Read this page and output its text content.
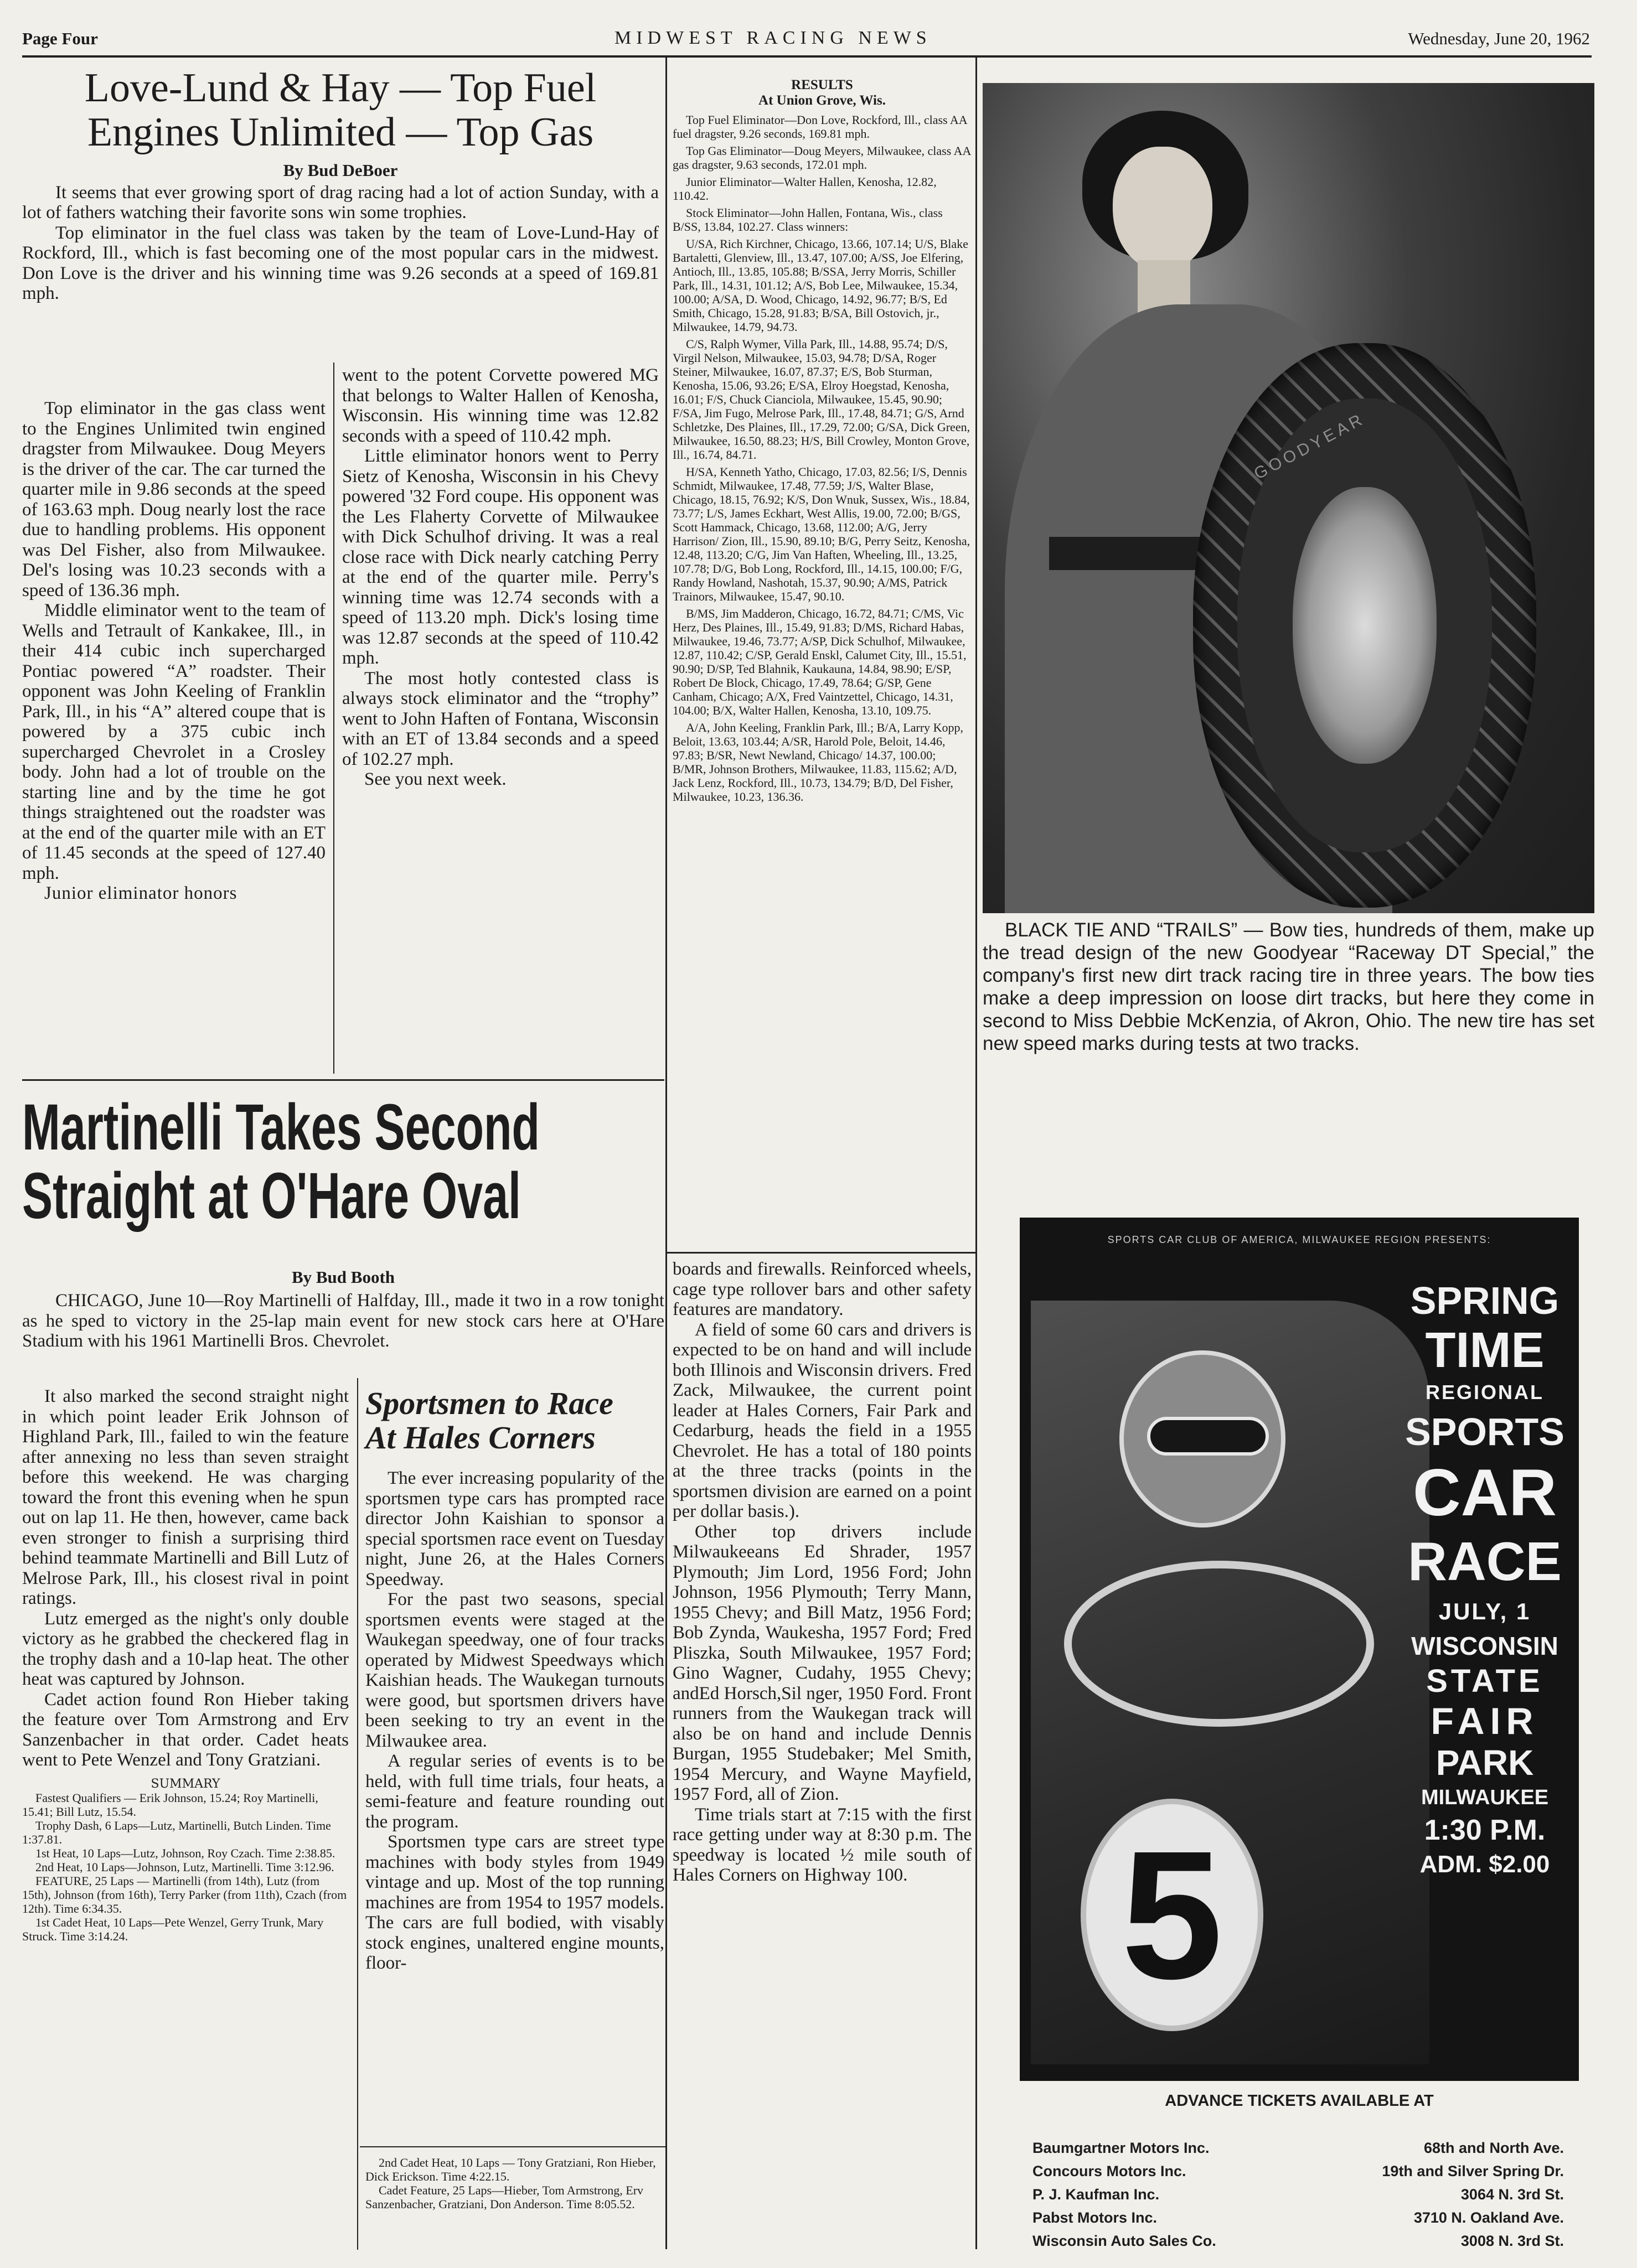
Page Four	MIDWEST RACING NEWS	Wednesday, June 20, 1962
Love-Lund & Hay — Top Fuel
Engines Unlimited — Top Gas
By Bud DeBoer

It seems that ever growing sport of drag racing had a lot of action Sunday, with a lot of fathers watching their favorite sons win some trophies.

Top eliminator in the fuel class was taken by the team of Love-Lund-Hay of Rockford, Ill., which is fast becoming one of the most popular cars in the midwest. Don Love is the driver and his winning time was 9.26 seconds at a speed of 169.81 mph.

Top eliminator in the gas class went to the Engines Unlimited twin engined dragster from Milwaukee. Doug Meyers is the driver of the car. The car turned the quarter mile in 9.86 seconds at the speed of 163.63 mph. Doug nearly lost the race due to handling problems. His opponent was Del Fisher, also from Milwaukee. Del's losing was 10.23 seconds with a speed of 136.36 mph.

Middle eliminator went to the team of Wells and Tetrault of Kankakee, Ill., in their 414 cubic inch supercharged Pontiac powered “A” roadster. Their opponent was John Keeling of Franklin Park, Ill., in his “A” altered coupe that is powered by a 375 cubic inch supercharged Chevrolet in a Crosley body. John had a lot of trouble on the starting line and by the time he got things straightened out the roadster was at the end of the quarter mile with an ET of 11.45 seconds at the speed of 127.40 mph.

Junior eliminator honors

went to the potent Corvette powered MG that belongs to Walter Hallen of Kenosha, Wisconsin. His winning time was 12.82 seconds with a speed of 110.42 mph.

Little eliminator honors went to Perry Sietz of Kenosha, Wisconsin in his Chevy powered '32 Ford coupe. His opponent was the Les Flaherty Corvette of Milwaukee with Dick Schulhof driving. It was a real close race with Dick nearly catching Perry at the end of the quarter mile. Perry's winning time was 12.74 seconds with a speed of 113.20 mph. Dick's losing time was 12.87 seconds at the speed of 110.42 mph.

The most hotly contested class is always stock eliminator and the “trophy” went to John Haften of Fontana, Wisconsin with an ET of 13.84 seconds and a speed of 102.27 mph.

See you next week.

Martinelli Takes Second
Straight at O'Hare Oval
By Bud Booth

CHICAGO, June 10—Roy Martinelli of Halfday, Ill., made it two in a row tonight as he sped to victory in the 25-lap main event for new stock cars here at O'Hare Stadium with his 1961 Martinelli Bros. Chevrolet.

It also marked the second straight night in which point leader Erik Johnson of Highland Park, Ill., failed to win the feature after annexing no less than seven straight before this weekend. He was charging toward the front this evening when he spun out on lap 11. He then, however, came back even stronger to finish a surprising third behind teammate Martinelli and Bill Lutz of Melrose Park, Ill., his closest rival in point ratings.

Lutz emerged as the night's only double victory as he grabbed the checkered flag in the trophy dash and a 10-lap heat. The other heat was captured by Johnson.

Cadet action found Ron Hieber taking the feature over Tom Armstrong and Erv Sanzenbacher in that order. Cadet heats went to Pete Wenzel and Tony Gratziani.

SUMMARY

Fastest Qualifiers — Erik Johnson, 15.24; Roy Martinelli, 15.41; Bill Lutz, 15.54.

Trophy Dash, 6 Laps—Lutz, Martinelli, Butch Linden. Time 1:37.81.

1st Heat, 10 Laps—Lutz, Johnson, Roy Czach. Time 2:38.85.

2nd Heat, 10 Laps—Johnson, Lutz, Martinelli. Time 3:12.96.

FEATURE, 25 Laps — Martinelli (from 14th), Lutz (from 15th), Johnson (from 16th), Terry Parker (from 11th), Czach (from 12th). Time 6:34.35.

1st Cadet Heat, 10 Laps—Pete Wenzel, Gerry Trunk, Mary Struck. Time 3:14.24.

Sportsmen to Race
At Hales Corners

The ever increasing popularity of the sportsmen type cars has prompted race director John Kaishian to sponsor a special sportsmen race event on Tuesday night, June 26, at the Hales Corners Speedway.

For the past two seasons, special sportsmen events were staged at the Waukegan speedway, one of four tracks operated by Midwest Speedways which Kaishian heads. The Waukegan turnouts were good, but sportsmen drivers have been seeking to try an event in the Milwaukee area.

A regular series of events is to be held, with full time trials, four heats, a semi-feature and feature rounding out the program.

Sportsmen type cars are street type machines with body styles from 1949 vintage and up. Most of the top running machines are from 1954 to 1957 models. The cars are full bodied, with visably stock engines, unaltered engine mounts, floor-

2nd Cadet Heat, 10 Laps — Tony Gratziani, Ron Hieber, Dick Erickson. Time 4:22.15.

Cadet Feature, 25 Laps—Hieber, Tom Armstrong, Erv Sanzenbacher, Gratziani, Don Anderson. Time 8:05.52.

RESULTS
At Union Grove, Wis.

Top Fuel Eliminator—Don Love, Rockford, Ill., class AA fuel dragster, 9.26 seconds, 169.81 mph.

Top Gas Eliminator—Doug Meyers, Milwaukee, class AA gas dragster, 9.63 seconds, 172.01 mph.

Junior Eliminator—Walter Hallen, Kenosha, 12.82, 110.42.

Stock Eliminator—John Hallen, Fontana, Wis., class B/SS, 13.84, 102.27. Class winners:

U/SA, Rich Kirchner, Chicago, 13.66, 107.14; U/S, Blake Bartaletti, Glenview, Ill., 13.47, 107.00; A/SS, Joe Elfering, Antioch, Ill., 13.85, 105.88; B/SSA, Jerry Morris, Schiller Park, Ill., 14.31, 101.12; A/S, Bob Lee, Milwaukee, 15.34, 100.00; A/SA, D. Wood, Chicago, 14.92, 96.77; B/S, Ed Smith, Chicago, 15.28, 91.83; B/SA, Bill Ostovich, jr., Milwaukee, 14.79, 94.73.

C/S, Ralph Wymer, Villa Park, Ill., 14.88, 95.74; D/S, Virgil Nelson, Milwaukee, 15.03, 94.78; D/SA, Roger Steiner, Milwaukee, 16.07, 87.37; E/S, Bob Sturman, Kenosha, 15.06, 93.26; E/SA, Elroy Hoegstad, Kenosha, 16.01; F/S, Chuck Cianciola, Milwaukee, 15.45, 90.90; F/SA, Jim Fugo, Melrose Park, Ill., 17.48, 84.71; G/S, Arnd Schletzke, Des Plaines, Ill., 17.29, 72.00; G/SA, Dick Green, Milwaukee, 16.50, 88.23; H/S, Bill Crowley, Monton Grove, Ill., 16.74, 84.71.

H/SA, Kenneth Yatho, Chicago, 17.03, 82.56; I/S, Dennis Schmidt, Milwaukee, 17.48, 77.59; J/S, Walter Blase, Chicago, 18.15, 76.92; K/S, Don Wnuk, Sussex, Wis., 18.84, 73.77; L/S, James Eckhart, West Allis, 19.00, 72.00; B/GS, Scott Hammack, Chicago, 13.68, 112.00; A/G, Jerry Harrison/ Zion, Ill., 15.90, 89.10; B/G, Perry Seitz, Kenosha, 12.48, 113.20; C/G, Jim Van Haften, Wheeling, Ill., 13.25, 107.78; D/G, Bob Long, Rockford, Ill., 14.15, 100.00; F/G, Randy Howland, Nashotah, 15.37, 90.90; A/MS, Patrick Trainors, Milwaukee, 15.47, 90.10.

B/MS, Jim Madderon, Chicago, 16.72, 84.71; C/MS, Vic Herz, Des Plaines, Ill., 15.49, 91.83; D/MS, Richard Habas, Milwaukee, 19.46, 73.77; A/SP, Dick Schulhof, Milwaukee, 12.87, 110.42; C/SP, Gerald Enskl, Calumet City, Ill., 15.51, 90.90; D/SP, Ted Blahnik, Kaukauna, 14.84, 98.90; E/SP, Robert De Block, Chicago, 17.49, 78.64; G/SP, Gene Canham, Chicago; A/X, Fred Vaintzettel, Chicago, 14.31, 104.00; B/X, Walter Hallen, Kenosha, 13.10, 109.75.

A/A, John Keeling, Franklin Park, Ill.; B/A, Larry Kopp, Beloit, 13.63, 103.44; A/SR, Harold Pole, Beloit, 14.46, 97.83; B/SR, Newt Newland, Chicago/ 14.37, 100.00; B/MR, Johnson Brothers, Milwaukee, 11.83, 115.62; A/D, Jack Lenz, Rockford, Ill., 10.73, 134.79; B/D, Del Fisher, Milwaukee, 10.23, 136.36.

boards and firewalls. Reinforced wheels, cage type rollover bars and other safety features are mandatory.

A field of some 60 cars and drivers is expected to be on hand and will include both Illinois and Wisconsin drivers. Fred Zack, Milwaukee, the current point leader at Hales Corners, Fair Park and Cedarburg, heads the field in a 1955 Chevrolet. He has a total of 180 points at the three tracks (points in the sportsmen division are earned on a point per dollar basis.).

Other top drivers include Milwaukeeans Ed Shrader, 1957 Plymouth; Jim Lord, 1956 Ford; John Johnson, 1956 Plymouth; Terry Mann, 1955 Chevy; and Bill Matz, 1956 Ford; Bob Zynda, Waukesha, 1957 Ford; Fred Pliszka, South Milwaukee, 1957 Ford; Gino Wagner, Cudahy, 1955 Chevy; andEd Horsch,Sil nger, 1950 Ford. Front runners from the Waukegan track will also be on hand and include Dennis Burgan, 1955 Studebaker; Mel Smith, 1954 Mercury, and Wayne Mayfield, 1957 Ford, all of Zion.

Time trials start at 7:15 with the first race getting under way at 8:30 p.m. The speedway is located ½ mile south of Hales Corners on Highway 100.

GOODYEAR
BLACK TIE AND “TRAILS” — Bow ties, hundreds of them, make up the tread design of the new Goodyear “Raceway DT Special,” the company's first new dirt track racing tire in three years. The bow ties make a deep impression on loose dirt tracks, but here they come in second to Miss Debbie McKenzia, of Akron, Ohio. The new tire has set new speed marks during tests at two tracks.
SPORTS CAR CLUB OF AMERICA, MILWAUKEE REGION PRESENTS:
5
SPRING
TIME
REGIONAL
SPORTS
CAR
RACE
JULY, 1
WISCONSIN
STATE
FAIR
PARK
MILWAUKEE
1:30 P.M.
ADM. $2.00
ADVANCE TICKETS AVAILABLE AT
Baumgartner Motors Inc.	68th and North Ave.
Concours Motors Inc.	19th and Silver Spring Dr.
P. J. Kaufman Inc.	3064 N. 3rd St.
Pabst Motors Inc.	3710 N. Oakland Ave.
Wisconsin Auto Sales Co.	3008 N. 3rd St.
